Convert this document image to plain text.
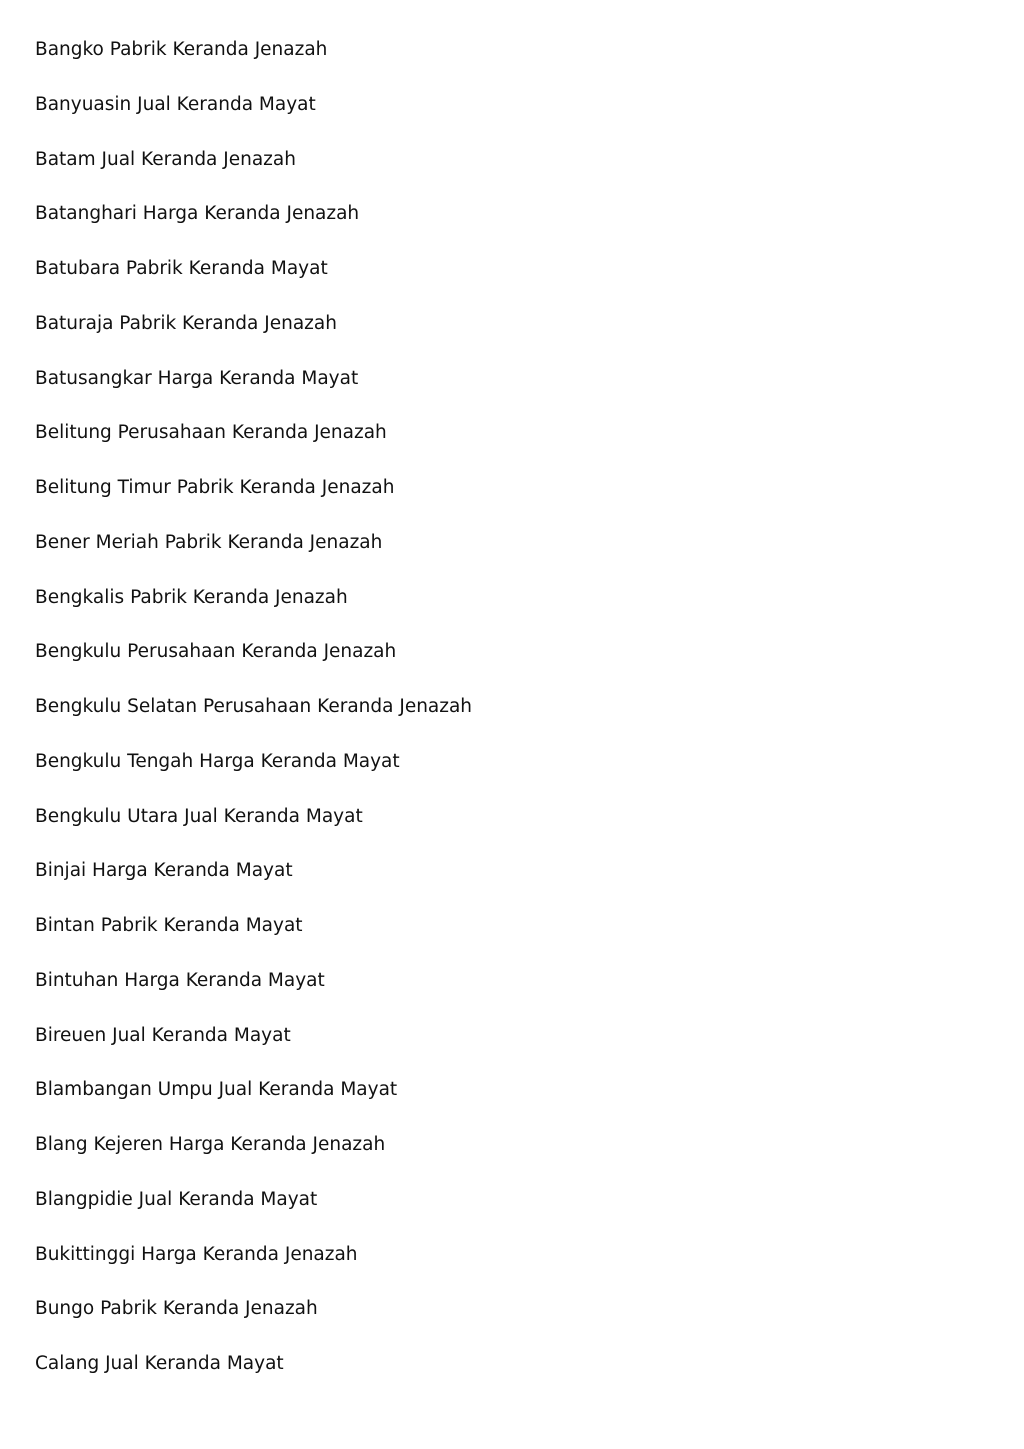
Bangko Pabrik Keranda Jenazah
Banyuasin Jual Keranda Mayat
Batam Jual Keranda Jenazah
Batanghari Harga Keranda Jenazah
Batubara Pabrik Keranda Mayat
Baturaja Pabrik Keranda Jenazah
Batusangkar Harga Keranda Mayat
Belitung Perusahaan Keranda Jenazah
Belitung Timur Pabrik Keranda Jenazah
Bener Meriah Pabrik Keranda Jenazah
Bengkalis Pabrik Keranda Jenazah
Bengkulu Perusahaan Keranda Jenazah
Bengkulu Selatan Perusahaan Keranda Jenazah
Bengkulu Tengah Harga Keranda Mayat
Bengkulu Utara Jual Keranda Mayat
Binjai Harga Keranda Mayat
Bintan Pabrik Keranda Mayat
Bintuhan Harga Keranda Mayat
Bireuen Jual Keranda Mayat
Blambangan Umpu Jual Keranda Mayat
Blang Kejeren Harga Keranda Jenazah
Blangpidie Jual Keranda Mayat
Bukittinggi Harga Keranda Jenazah
Bungo Pabrik Keranda Jenazah
Calang Jual Keranda Mayat
